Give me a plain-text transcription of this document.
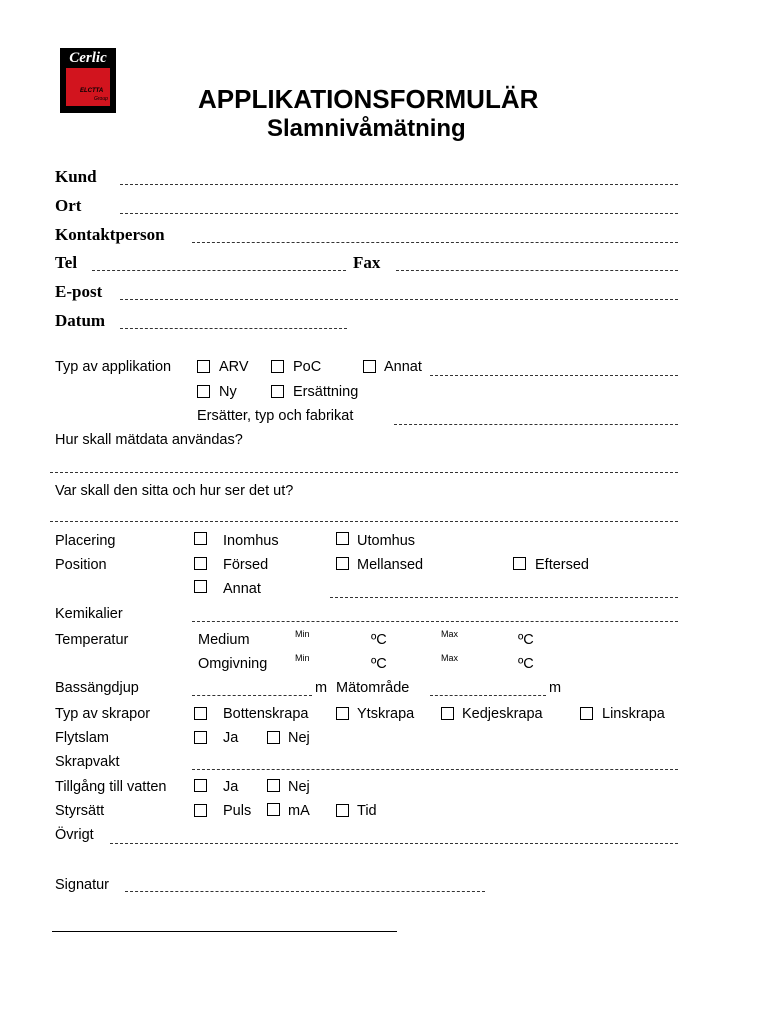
Cerlic
ELCTTA
Group	APPLIKATIONSFORMULÄR
Slamnivåmätning
Kund
Ort
Kontaktperson
Tel	Fax
E-post
Datum
Typ av applikation	ARV	PoC	Annat
Ny	Ersättning
Ersätter, typ och fabrikat
Hur skall mätdata användas?
Var skall den sitta och hur ser det ut?
Placering	Inomhus	Utomhus
Position	Försed	Mellansed	Eftersed
Annat
Kemikalier
Temperatur	Medium	Min	ºC	Max	ºC
Omgivning	Min	ºC	Max	ºC
Bassängdjup	m Mätområde	m
Typ av skrapor	Bottenskrapa	Ytskrapa	Kedjeskrapa	Linskrapa
Flytslam	Ja	Nej
Skrapvakt
Tillgång till vatten	Ja	Nej
Styrsätt	Puls	mA	Tid
Övrigt
Signatur
